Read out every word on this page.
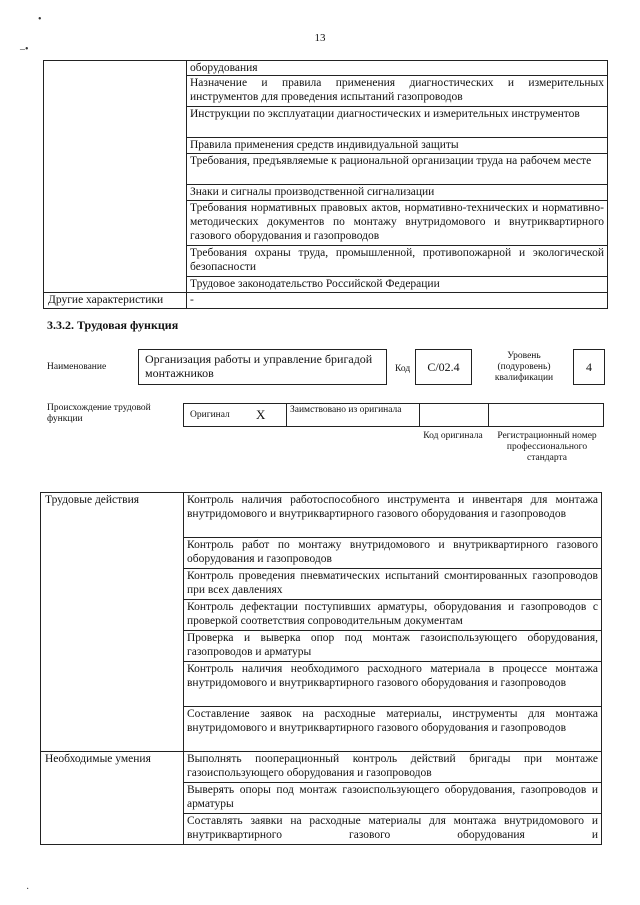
•
–•
·
13
	оборудования
	Назначение и правила применения диагностических и измерительных инструментов для проведения испытаний газопроводов
	Инструкции по эксплуатации диагностических и измерительных инструментов
	Правила применения средств индивидуальной защиты
	Требования, предъявляемые к рациональной организации труда на рабочем месте
	Знаки и сигналы производственной сигнализации
	Требования нормативных правовых актов, нормативно-технических и нормативно-методических документов по монтажу внутридомового и внутриквартирного газового оборудования и газопроводов
	Требования охраны труда, промышленной, противопожарной и экологической безопасности
	Трудовое законодательство Российской Федерации
Другие характеристики	-
3.3.2. Трудовая функция
Наименование
Организация работы и управление бригадой монтажников	Код	C/02.4
Уровень (подуровень) квалификации
4
Происхождение трудовой функции	Оригинал X	Заимствовано из оригинала
Код оригинала	Регистрационный номер профессионального стандарта
Трудовые действия	Контроль наличия работоспособного инструмента и инвентаря для монтажа внутридомового и внутриквартирного газового оборудования и газопроводов
	Контроль работ по монтажу внутридомового и внутриквартирного газового оборудования и газопроводов
	Контроль проведения пневматических испытаний смонтированных газопроводов при всех давлениях
	Контроль дефектации поступивших арматуры, оборудования и газопроводов с проверкой соответствия сопроводительным документам
	Проверка и выверка опор под монтаж газоиспользующего оборудования, газопроводов и арматуры
	Контроль наличия необходимого расходного материала в процессе монтажа внутридомового и внутриквартирного газового оборудования и газопроводов
	Составление заявок на расходные материалы, инструменты для монтажа внутридомового и внутриквартирного газового оборудования и газопроводов
Необходимые умения	Выполнять пооперационный контроль действий бригады при монтаже газоиспользующего оборудования и газопроводов
	Выверять опоры под монтаж газоиспользующего оборудования, газопроводов и арматуры
	Составлять заявки на расходные материалы для монтажа внутридомового и внутриквартирного газового оборудования и
